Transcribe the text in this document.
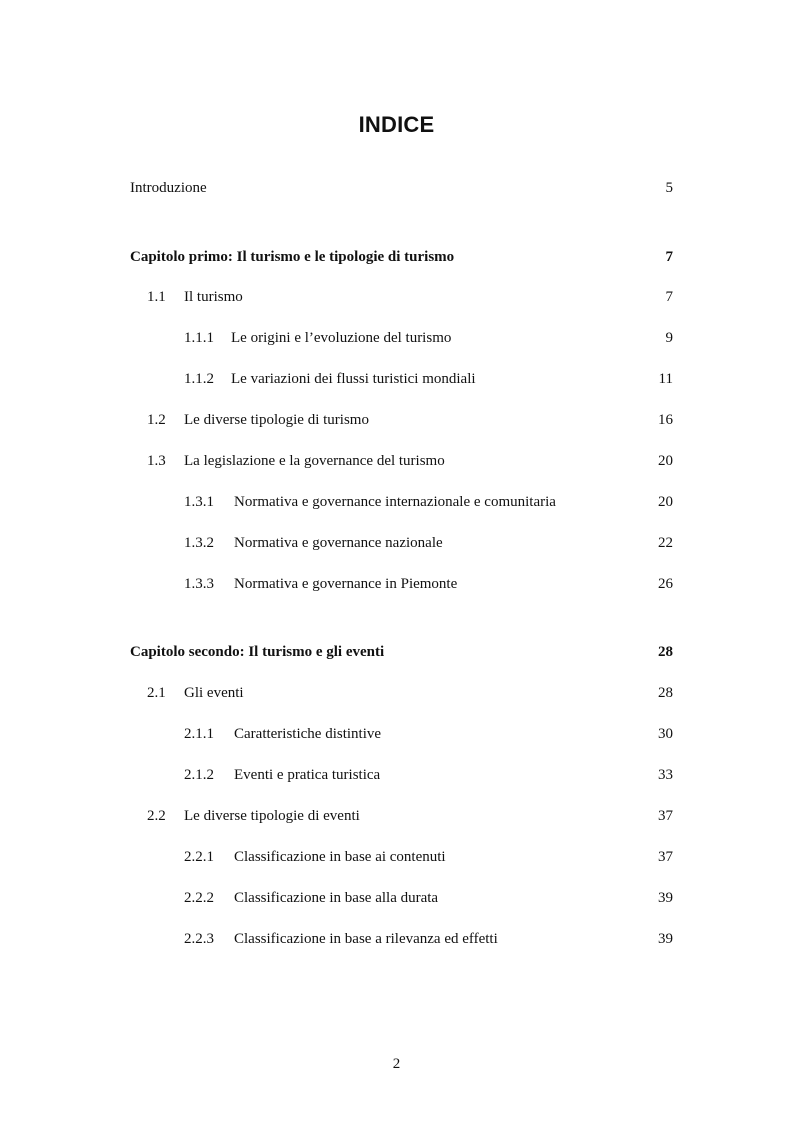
INDICE
Introduzione	5
Capitolo primo: Il turismo e le tipologie di turismo	7
1.1 Il turismo	7
1.1.1 Le origini e l’evoluzione del turismo	9
1.1.2 Le variazioni dei flussi turistici mondiali	11
1.2 Le diverse tipologie di turismo	16
1.3 La legislazione e la governance del turismo	20
1.3.1 Normativa e governance internazionale e comunitaria	20
1.3.2 Normativa e governance nazionale	22
1.3.3 Normativa e governance in Piemonte	26
Capitolo secondo: Il turismo e gli eventi	28
2.1 Gli eventi	28
2.1.1 Caratteristiche distintive	30
2.1.2 Eventi e pratica turistica	33
2.2 Le diverse tipologie di eventi	37
2.2.1 Classificazione in base ai contenuti	37
2.2.2 Classificazione in base alla durata	39
2.2.3 Classificazione in base a rilevanza ed effetti	39
2
